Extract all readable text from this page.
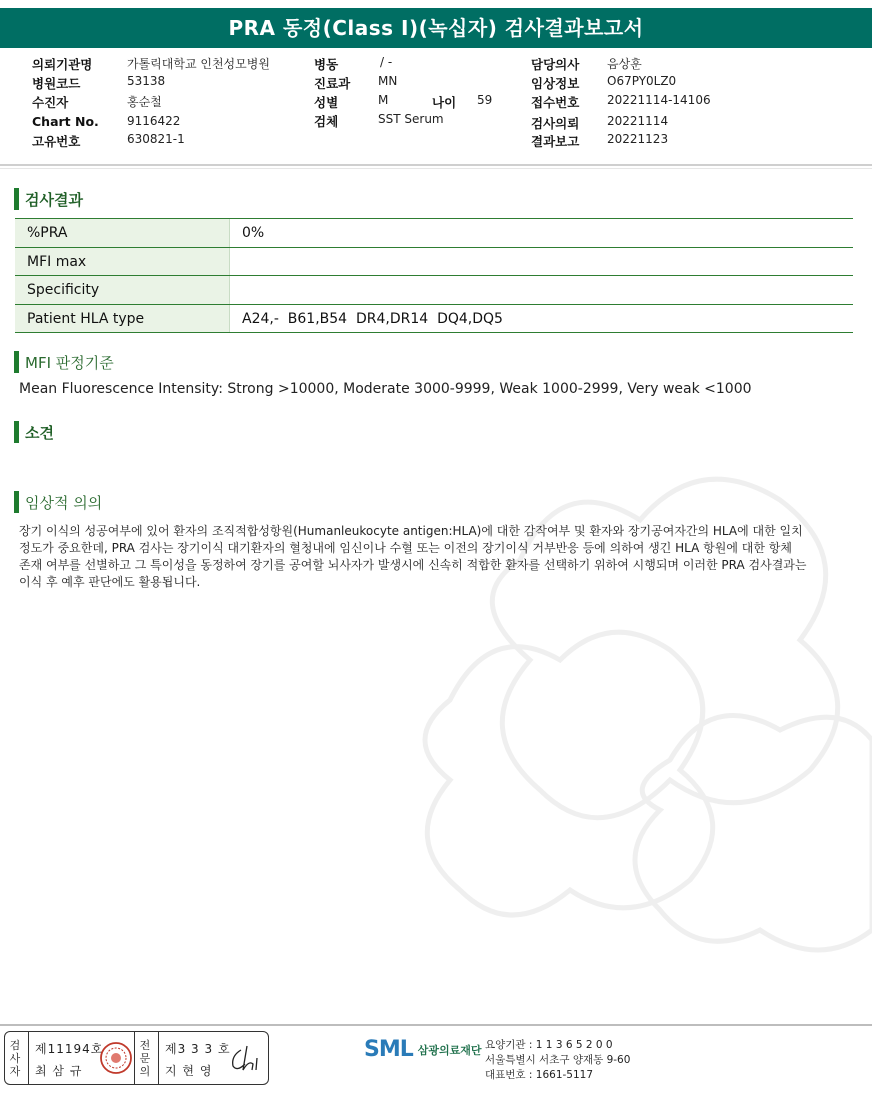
PRA 동정(Class I)(녹십자) 검사결과보고서
의뢰기관명	가톨릭대학교 인천성모병원
병원코드	53138
수진자	홍순철
Chart No. 9116422
고유번호	630821-1
병동	/ -
진료과 MN
성별	M	나이 59
검체	SST Serum
담당의사 음상훈
임상정보 O67PY0LZ0
접수번호 20221114-14106
검사의뢰 20221114
결과보고 20221123
검사결과
%PRA	0%
MFI max
Specificity
Patient HLA type	A24,-  B61,B54  DR4,DR14  DQ4,DQ5
MFI 판정기준
Mean Fluorescence Intensity: Strong >10000, Moderate 3000-9999, Weak 1000-2999, Very weak <1000
소견
임상적 의의
장기 이식의 성공여부에 있어 환자의 조직적합성항원(Humanleukocyte antigen:HLA)에 대한 감작여부 및 환자와 장기공여자간의 HLA에 대한 일치
정도가 중요한데, PRA 검사는 장기이식 대기환자의 혈청내에 임신이나 수혈 또는 이전의 장기이식 거부반응 등에 의하여 생긴 HLA 항원에 대한 항체
존재 여부를 선별하고 그 특이성을 동정하여 장기를 공여할 뇌사자가 발생시에 신속히 적합한 환자를 선택하기 위하여 시행되며 이러한 PRA 검사결과는
이식 후 예후 판단에도 활용됩니다.
검사자
제11194호
최 삼 규
전문의
제3 3 3 호
지 현 영
SML 삼광의료재단 요양기관 : 1 1 3 6 5 2 0 0
서울특별시 서초구 양재동 9-60
대표번호 : 1661-5117
